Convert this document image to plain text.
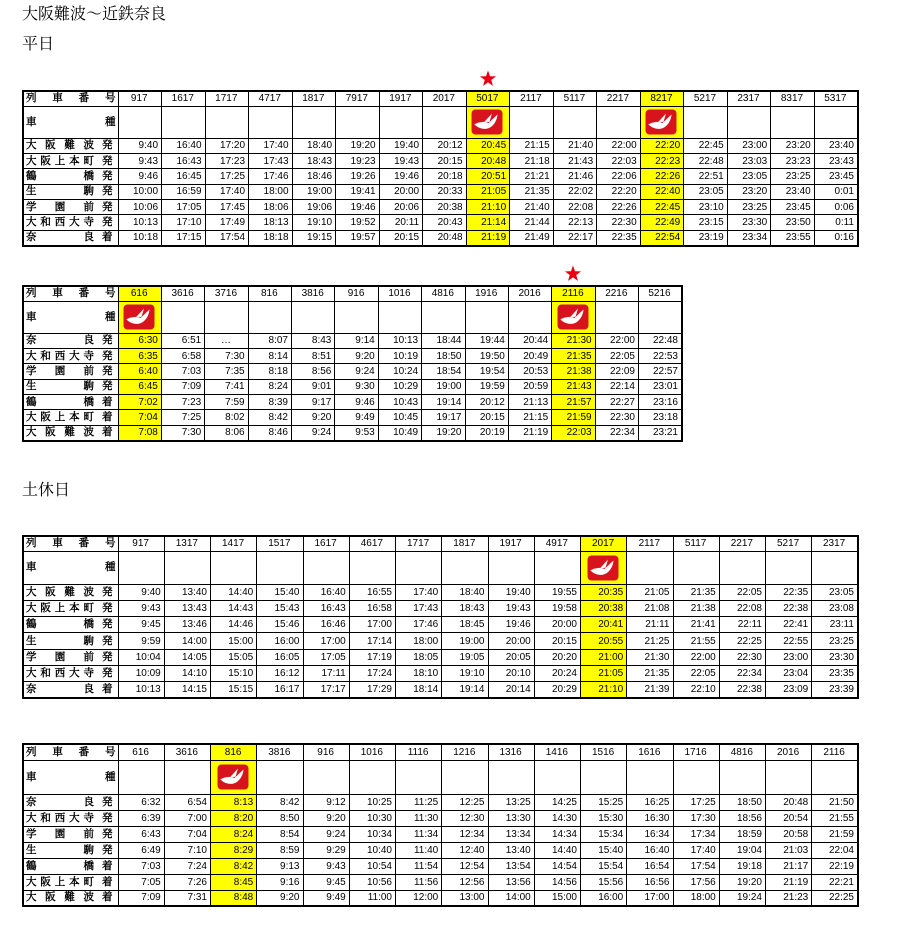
大阪難波～近鉄奈良
平日
列 車 番 号	917	1617	1717	4717	1817	7917	1917	2017	5017	2117	5117	2217	8217	5217	2317	8317	5317

車 種

大 阪 難 波 発	9:40	16:40	17:20	17:40	18:40	19:20	19:40	20:12	20:45	21:15	21:40	22:00	22:20	22:45	23:00	23:20	23:40

大阪上本町 発	9:43	16:43	17:23	17:43	18:43	19:23	19:43	20:15	20:48	21:18	21:43	22:03	22:23	22:48	23:03	23:23	23:43

鶴 橋 発	9:46	16:45	17:25	17:46	18:46	19:26	19:46	20:18	20:51	21:21	21:46	22:06	22:26	22:51	23:05	23:25	23:45

生 駒 発	10:00	16:59	17:40	18:00	19:00	19:41	20:00	20:33	21:05	21:35	22:02	22:20	22:40	23:05	23:20	23:40	0:01

学 園 前 発	10:06	17:05	17:45	18:06	19:06	19:46	20:06	20:38	21:10	21:40	22:08	22:26	22:45	23:10	23:25	23:45	0:06

大和西大寺 発	10:13	17:10	17:49	18:13	19:10	19:52	20:11	20:43	21:14	21:44	22:13	22:30	22:49	23:15	23:30	23:50	0:11

奈 良 着	10:18	17:15	17:54	18:18	19:15	19:57	20:15	20:48	21:19	21:49	22:17	22:35	22:54	23:19	23:34	23:55	0:16
列 車 番 号	616	3616	3716	816	3816	916	1016	4816	1916	2016	2116	2216	5216

車 種

奈 良 発	6:30	6:51	…	8:07	8:43	9:14	10:13	18:44	19:44	20:44	21:30	22:00	22:48

大和西大寺 発	6:35	6:58	7:30	8:14	8:51	9:20	10:19	18:50	19:50	20:49	21:35	22:05	22:53

学 園 前 発	6:40	7:03	7:35	8:18	8:56	9:24	10:24	18:54	19:54	20:53	21:38	22:09	22:57

生 駒 発	6:45	7:09	7:41	8:24	9:01	9:30	10:29	19:00	19:59	20:59	21:43	22:14	23:01

鶴 橋 着	7:02	7:23	7:59	8:39	9:17	9:46	10:43	19:14	20:12	21:13	21:57	22:27	23:16

大阪上本町 着	7:04	7:25	8:02	8:42	9:20	9:49	10:45	19:17	20:15	21:15	21:59	22:30	23:18

大 阪 難 波 着	7:08	7:30	8:06	8:46	9:24	9:53	10:49	19:20	20:19	21:19	22:03	22:34	23:21
土休日
列 車 番 号	917	1317	1417	1517	1617	4617	1717	1817	1917	4917	2017	2117	5117	2217	5217	2317

車 種

大 阪 難 波 発	9:40	13:40	14:40	15:40	16:40	16:55	17:40	18:40	19:40	19:55	20:35	21:05	21:35	22:05	22:35	23:05

大阪上本町 発	9:43	13:43	14:43	15:43	16:43	16:58	17:43	18:43	19:43	19:58	20:38	21:08	21:38	22:08	22:38	23:08

鶴 橋 発	9:45	13:46	14:46	15:46	16:46	17:00	17:46	18:45	19:46	20:00	20:41	21:11	21:41	22:11	22:41	23:11

生 駒 発	9:59	14:00	15:00	16:00	17:00	17:14	18:00	19:00	20:00	20:15	20:55	21:25	21:55	22:25	22:55	23:25

学 園 前 発	10:04	14:05	15:05	16:05	17:05	17:19	18:05	19:05	20:05	20:20	21:00	21:30	22:00	22:30	23:00	23:30

大和西大寺 発	10:09	14:10	15:10	16:12	17:11	17:24	18:10	19:10	20:10	20:24	21:05	21:35	22:05	22:34	23:04	23:35

奈 良 着	10:13	14:15	15:15	16:17	17:17	17:29	18:14	19:14	20:14	20:29	21:10	21:39	22:10	22:38	23:09	23:39
列 車 番 号	616	3616	816	3816	916	1016	1116	1216	1316	1416	1516	1616	1716	4816	2016	2116

車 種

奈 良 発	6:32	6:54	8:13	8:42	9:12	10:25	11:25	12:25	13:25	14:25	15:25	16:25	17:25	18:50	20:48	21:50

大和西大寺 発	6:39	7:00	8:20	8:50	9:20	10:30	11:30	12:30	13:30	14:30	15:30	16:30	17:30	18:56	20:54	21:55

学 園 前 発	6:43	7:04	8:24	8:54	9:24	10:34	11:34	12:34	13:34	14:34	15:34	16:34	17:34	18:59	20:58	21:59

生 駒 発	6:49	7:10	8:29	8:59	9:29	10:40	11:40	12:40	13:40	14:40	15:40	16:40	17:40	19:04	21:03	22:04

鶴 橋 着	7:03	7:24	8:42	9:13	9:43	10:54	11:54	12:54	13:54	14:54	15:54	16:54	17:54	19:18	21:17	22:19

大阪上本町 着	7:05	7:26	8:45	9:16	9:45	10:56	11:56	12:56	13:56	14:56	15:56	16:56	17:56	19:20	21:19	22:21

大 阪 難 波 着	7:09	7:31	8:48	9:20	9:49	11:00	12:00	13:00	14:00	15:00	16:00	17:00	18:00	19:24	21:23	22:25
